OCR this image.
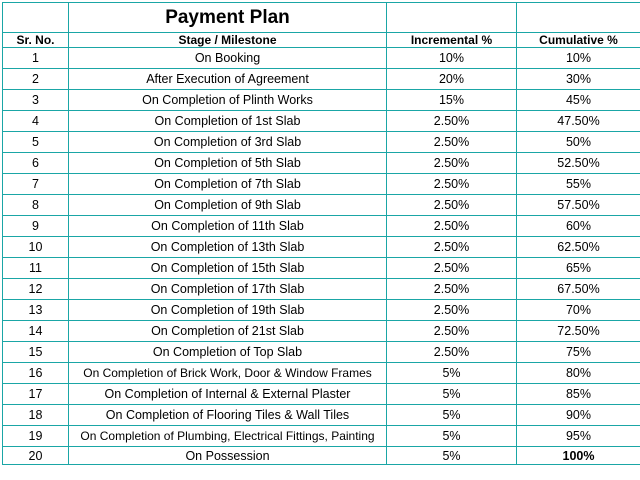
	Payment Plan		
Sr. No.	Stage / Milestone	Incremental %	Cumulative %
1	On Booking	10%	10%
2	After Execution of Agreement	20%	30%
3	On Completion of Plinth Works	15%	45%
4	On Completion of 1st Slab	2.50%	47.50%
5	On Completion of 3rd Slab	2.50%	50%
6	On Completion of 5th Slab	2.50%	52.50%
7	On Completion of 7th Slab	2.50%	55%
8	On Completion of 9th Slab	2.50%	57.50%
9	On Completion of 11th Slab	2.50%	60%
10	On Completion of 13th Slab	2.50%	62.50%
11	On Completion of 15th Slab	2.50%	65%
12	On Completion of 17th Slab	2.50%	67.50%
13	On Completion of 19th Slab	2.50%	70%
14	On Completion of 21st Slab	2.50%	72.50%
15	On Completion of Top Slab	2.50%	75%
16	On Completion of Brick Work, Door & Window Frames	5%	80%
17	On Completion of Internal & External Plaster	5%	85%
18	On Completion of Flooring Tiles & Wall Tiles	5%	90%
19	On Completion of Plumbing, Electrical Fittings, Painting	5%	95%
20	On Possession	5%	100%
